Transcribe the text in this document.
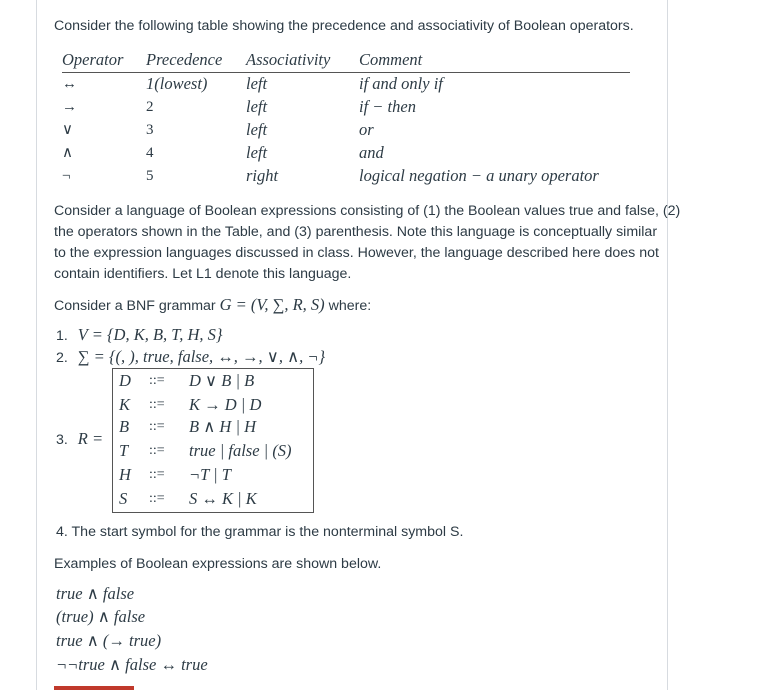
Consider the following table showing the precedence and associativity of Boolean operators.

Operator Precedence Associativity Comment
↔	1(lowest) left	if and only if
→	2	left	if − then
∨	3	left	or
∧	4	left	and
¬	5	right	logical negation − a unary operator

Consider a language of Boolean expressions consisting of (1) the Boolean values true and false, (2)

the operators shown in the Table, and (3) parenthesis. Note this language is conceptually similar

to the expression languages discussed in class. However, the language described here does not

contain identifiers. Let L1 denote this language.

Consider a BNF grammar G = (V, ∑, R, S) where:

1. V = {D, K, B, T, H, S}

2. ∑ = {(, ), true, false, ↔, →, ∨, ∧, ¬}

3. R =

D ::= D ∨ B | B
K ::= K → D | D
B ::= B ∧ H | H
T ::= true | false | (S)
H ::= ¬T | T
S ::= S ↔ K | K

4. The start symbol for the grammar is the nonterminal symbol S.

Examples of Boolean expressions are shown below.

true ∧ false

(true) ∧ false

true ∧ (→ true)

¬¬true ∧ false ↔ true
